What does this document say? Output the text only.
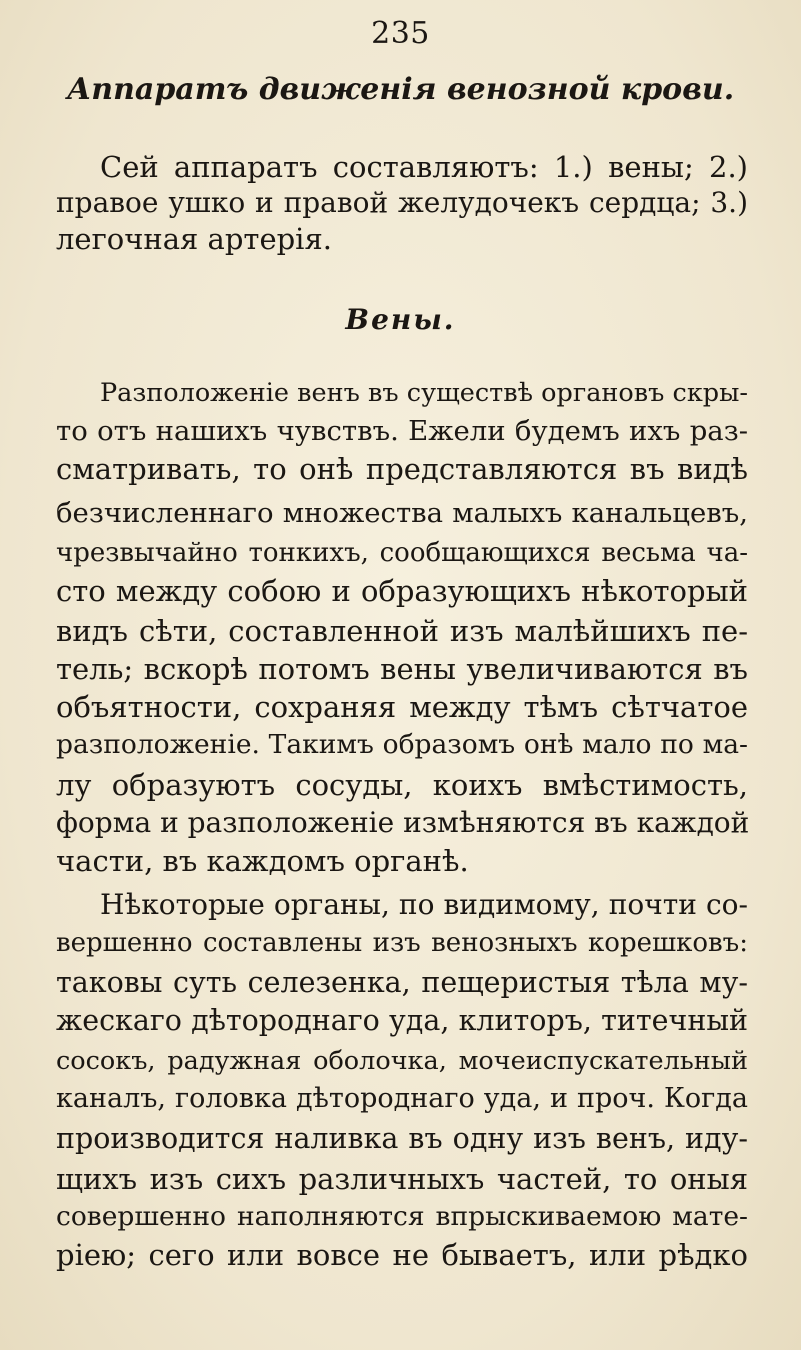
235
Аппаратъ движенія венозной крови.
Сей аппаратъ составляютъ: 1.) вены; 2.)
правое ушко и правой желудочекъ сердца; 3.)
легочная артерія.
Вены.
Разположеніе венъ въ существѣ органовъ скры-
то отъ нашихъ чувствъ. Ежели будемъ ихъ раз-
сматривать, то онѣ представляются въ видѣ
безчисленнаго множества малыхъ канальцевъ,
чрезвычайно тонкихъ, сообщающихся весьма ча-
сто между собою и образующихъ нѣкоторый
видъ сѣти, составленной изъ малѣйшихъ пе-
тель; вскорѣ потомъ вены увеличиваются въ
объятности, сохраняя между тѣмъ сѣтчатое
разположеніе. Такимъ образомъ онѣ мало по ма-
лу образуютъ сосуды, коихъ вмѣстимость,
форма и разположеніе измѣняются въ каждой
части, въ каждомъ органѣ.
Нѣкоторые органы, по видимому, почти со-
вершенно составлены изъ венозныхъ корешковъ:
таковы суть селезенка, пещеристыя тѣла му-
жескаго дѣтороднаго уда, клиторъ, титечный
сосокъ, радужная оболочка, мочеиспускательный
каналъ, головка дѣтороднаго уда, и проч. Когда
производится наливка въ одну изъ венъ, иду-
щихъ изъ сихъ различныхъ частей, то оныя
совершенно наполняются впрыскиваемою мате-
ріею; сего или вовсе не бываетъ, или рѣдко
